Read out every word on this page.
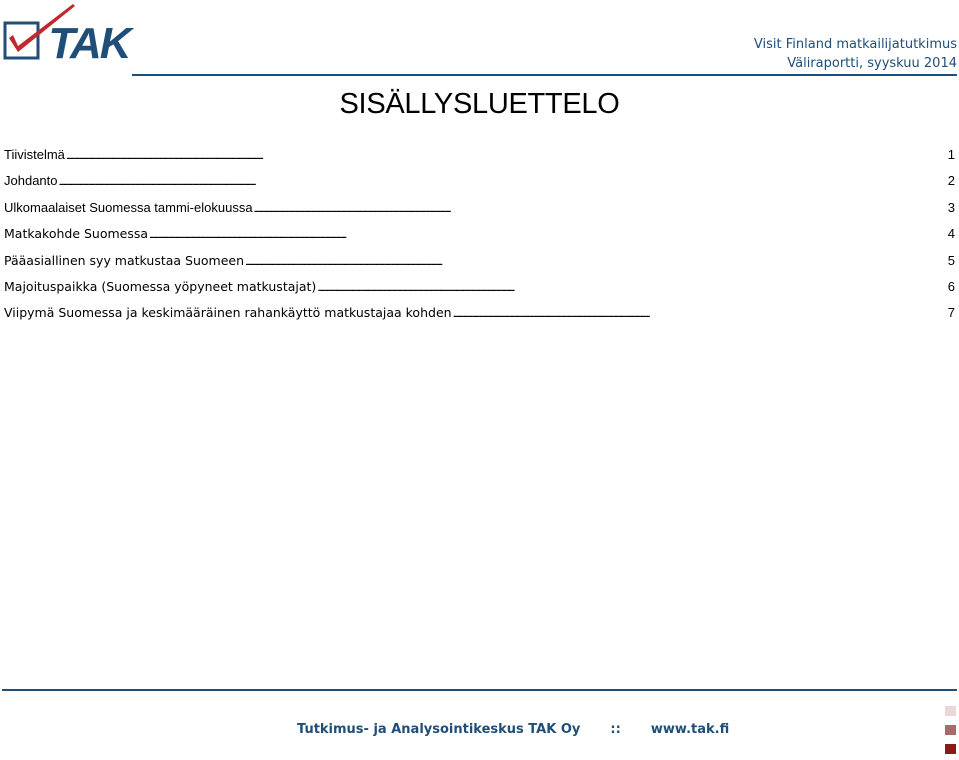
TAK	Visit Finland matkailijatutkimus
Väliraportti, syyskuu 2014
SISÄLLYSLUETTELO
Tiivistelmä . . .	1
Johdanto . . .	2
Ulkomaalaiset Suomessa tammi-elokuussa . . .	3
Matkakohde Suomessa . . .	4
Pääasiallinen syy matkustaa Suomeen . . .	5
Majoituspaikka (Suomessa yöpyneet matkustajat) . . .	6
Viipymä Suomessa ja keskimääräinen rahankäyttö matkustajaa kohden . . .	7
Tutkimus- ja Analysointikeskus TAK Oy :: www.tak.fi
